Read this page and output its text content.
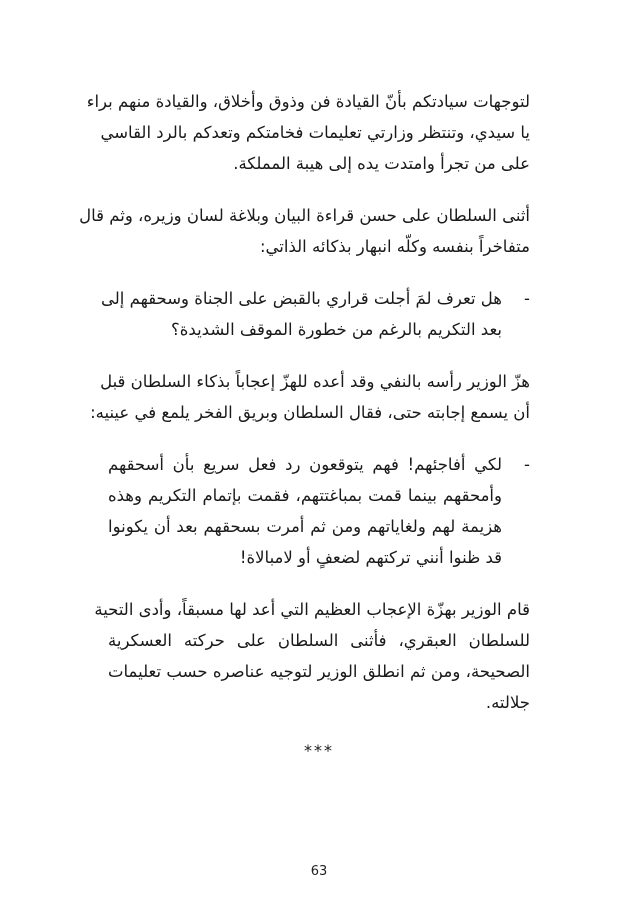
لتوجهات سيادتكم بأنّ القيادة فن وذوق وأخلاق، والقيادة منهم براء
يا سيدي، وتنتظر وزارتي تعليمات فخامتكم وتعدكم بالرد القاسي
على من تجرأ وامتدت يده إلى هيبة المملكة.
أثنى السلطان على حسن قراءة البيان وبلاغة لسان وزيره، وثم قال
متفاخراً بنفسه وكلّه انبهار بذكائه الذاتي:
-
هل تعرف لمَ أجلت قراري بالقبض على الجناة وسحقهم إلى
بعد التكريم بالرغم من خطورة الموقف الشديدة؟
هزّ الوزير رأسه بالنفي وقد أعده للهزّ إعجاباً بذكاء السلطان قبل
أن يسمع إجابته حتى، فقال السلطان وبريق الفخر يلمع في عينيه:
-
لكي أفاجئهم! فهم يتوقعون رد فعل سريع بأن أسحقهم
وأمحقهم بينما قمت بمباغتتهم، فقمت بإتمام التكريم وهذه
هزيمة لهم ولغاياتهم ومن ثم أمرت بسحقهم بعد أن يكونوا
قد ظنوا أنني تركتهم لضعفٍ أو لامبالاة!
قام الوزير بهزّة الإعجاب العظيم التي أعد لها مسبقاً، وأدى التحية
للسلطان العبقري، فأثنى السلطان على حركته العسكرية
الصحيحة، ومن ثم انطلق الوزير لتوجيه عناصره حسب تعليمات
جلالته.
***
63
